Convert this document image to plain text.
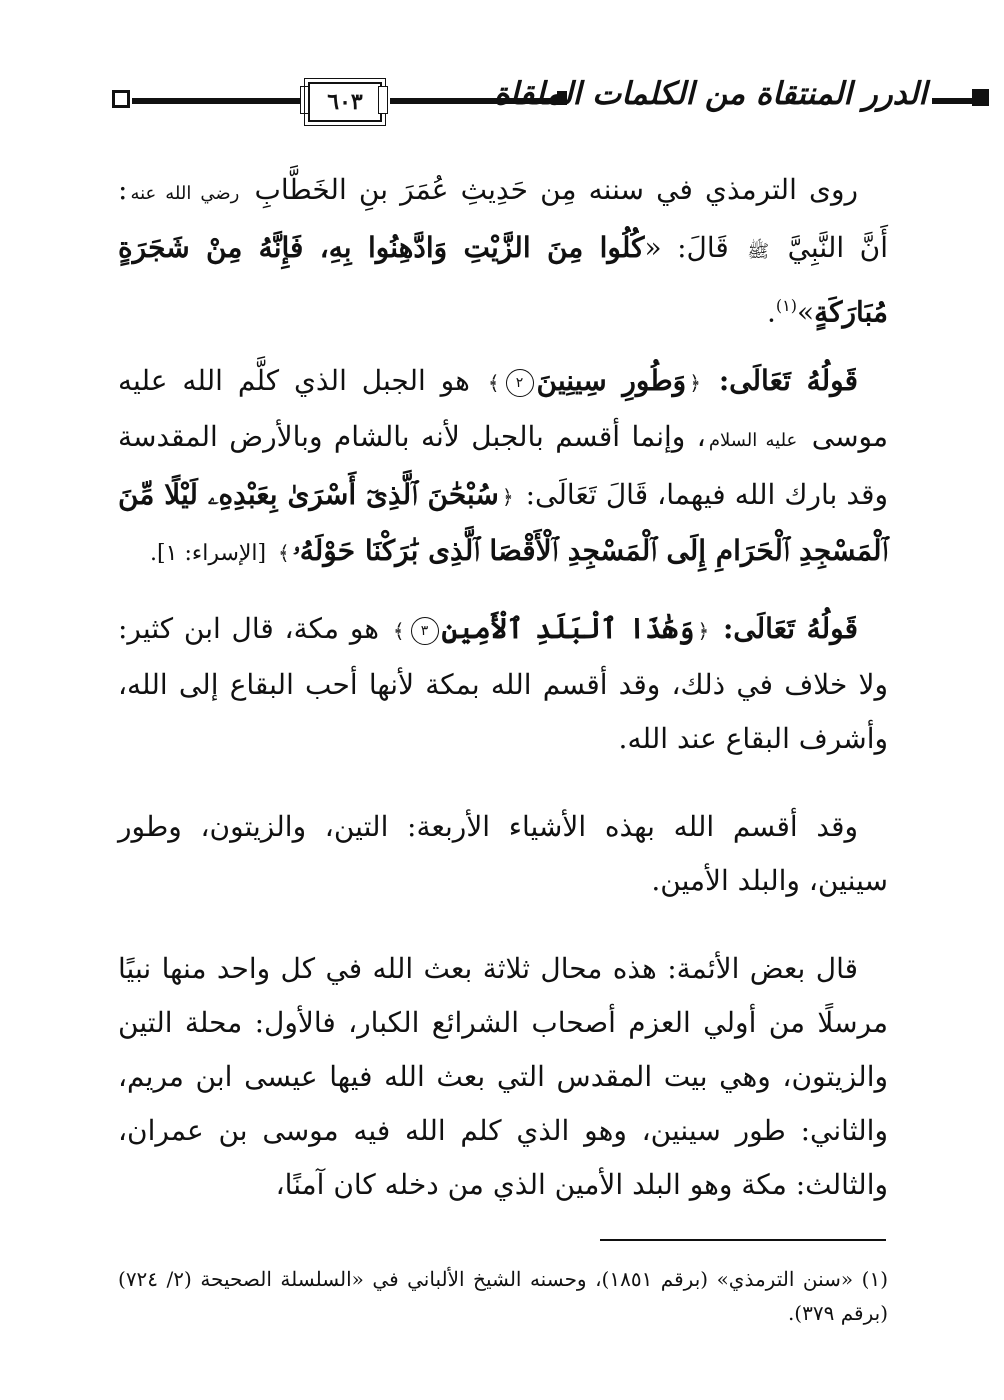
٦٠٣	الدرر المنتقاة من الكلمات الملقاة

روى الترمذي في سننه مِن حَدِيثِ عُمَرَ بنِ الخَطَّابِ رضي الله عنه: أَنَّ النَّبِيَّ ﷺ قَالَ: «كُلُوا مِنَ الزَّيْتِ وَادَّهِنُوا بِهِ، فَإِنَّهُ مِنْ شَجَرَةٍ مُبَارَكَةٍ»$^{(١)}$.

قَولُهُ تَعَالَى: ﴿وَطُورِ سِينِينَ٢﴾ هو الجبل الذي كلَّم الله عليه موسى عليه السلام، وإنما أقسم بالجبل لأنه بالشام وبالأرض المقدسة وقد بارك الله فيهما، قَالَ تَعَالَى: ﴿سُبْحَٰنَ ٱلَّذِىٓ أَسْرَىٰ بِعَبْدِهِۦ لَيْلًا مِّنَ ٱلْمَسْجِدِ ٱلْحَرَامِ إِلَى ٱلْمَسْجِدِ ٱلْأَقْصَا ٱلَّذِى بَٰرَكْنَا حَوْلَهُۥ﴾ [الإسراء: ١].

قَولُهُ تَعَالَى: ﴿وَهَٰذَا ٱلْبَلَدِ ٱلْأَمِينِ٣﴾ هو مكة، قال ابن كثير: ولا خلاف في ذلك، وقد أقسم الله بمكة لأنها أحب البقاع إلى الله، وأشرف البقاع عند الله.

وقد أقسم الله بهذه الأشياء الأربعة: التين، والزيتون، وطور سينين، والبلد الأمين.

قال بعض الأئمة: هذه محال ثلاثة بعث الله في كل واحد منها نبيًا مرسلًا من أولي العزم أصحاب الشرائع الكبار، فالأول: محلة التين والزيتون، وهي بيت المقدس التي بعث الله فيها عيسى ابن مريم، والثاني: طور سينين، وهو الذي كلم الله فيه موسى بن عمران، والثالث: مكة وهو البلد الأمين الذي من دخله كان آمنًا،

(١) «سنن الترمذي» (برقم ١٨٥١)، وحسنه الشيخ الألباني في «السلسلة الصحيحة (٢/ ٧٢٤) (برقم ٣٧٩).
